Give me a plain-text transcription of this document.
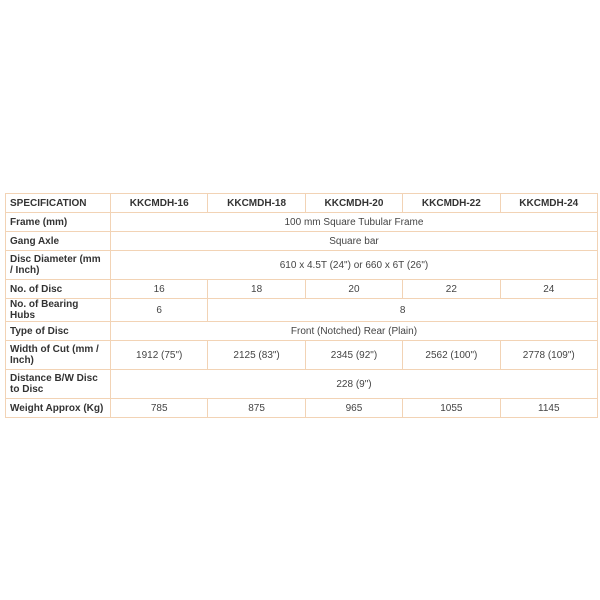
SPECIFICATION	KKCMDH-16	KKCMDH-18	KKCMDH-20	KKCMDH-22	KKCMDH-24
Frame (mm)	100 mm Square Tubular Frame				
Gang Axle	Square bar				
Disc Diameter (mm / Inch)	610 x 4.5T (24") or 660 x 6T (26")				
No. of Disc	16	18	20	22	24
No. of Bearing Hubs	6	8			
Type of Disc	Front (Notched) Rear (Plain)				
Width of Cut (mm / Inch)	1912 (75")	2125 (83")	2345 (92")	2562 (100")	2778 (109")
Distance B/W Disc to Disc	228 (9")				
Weight Approx (Kg)	785	875	965	1055	1145
